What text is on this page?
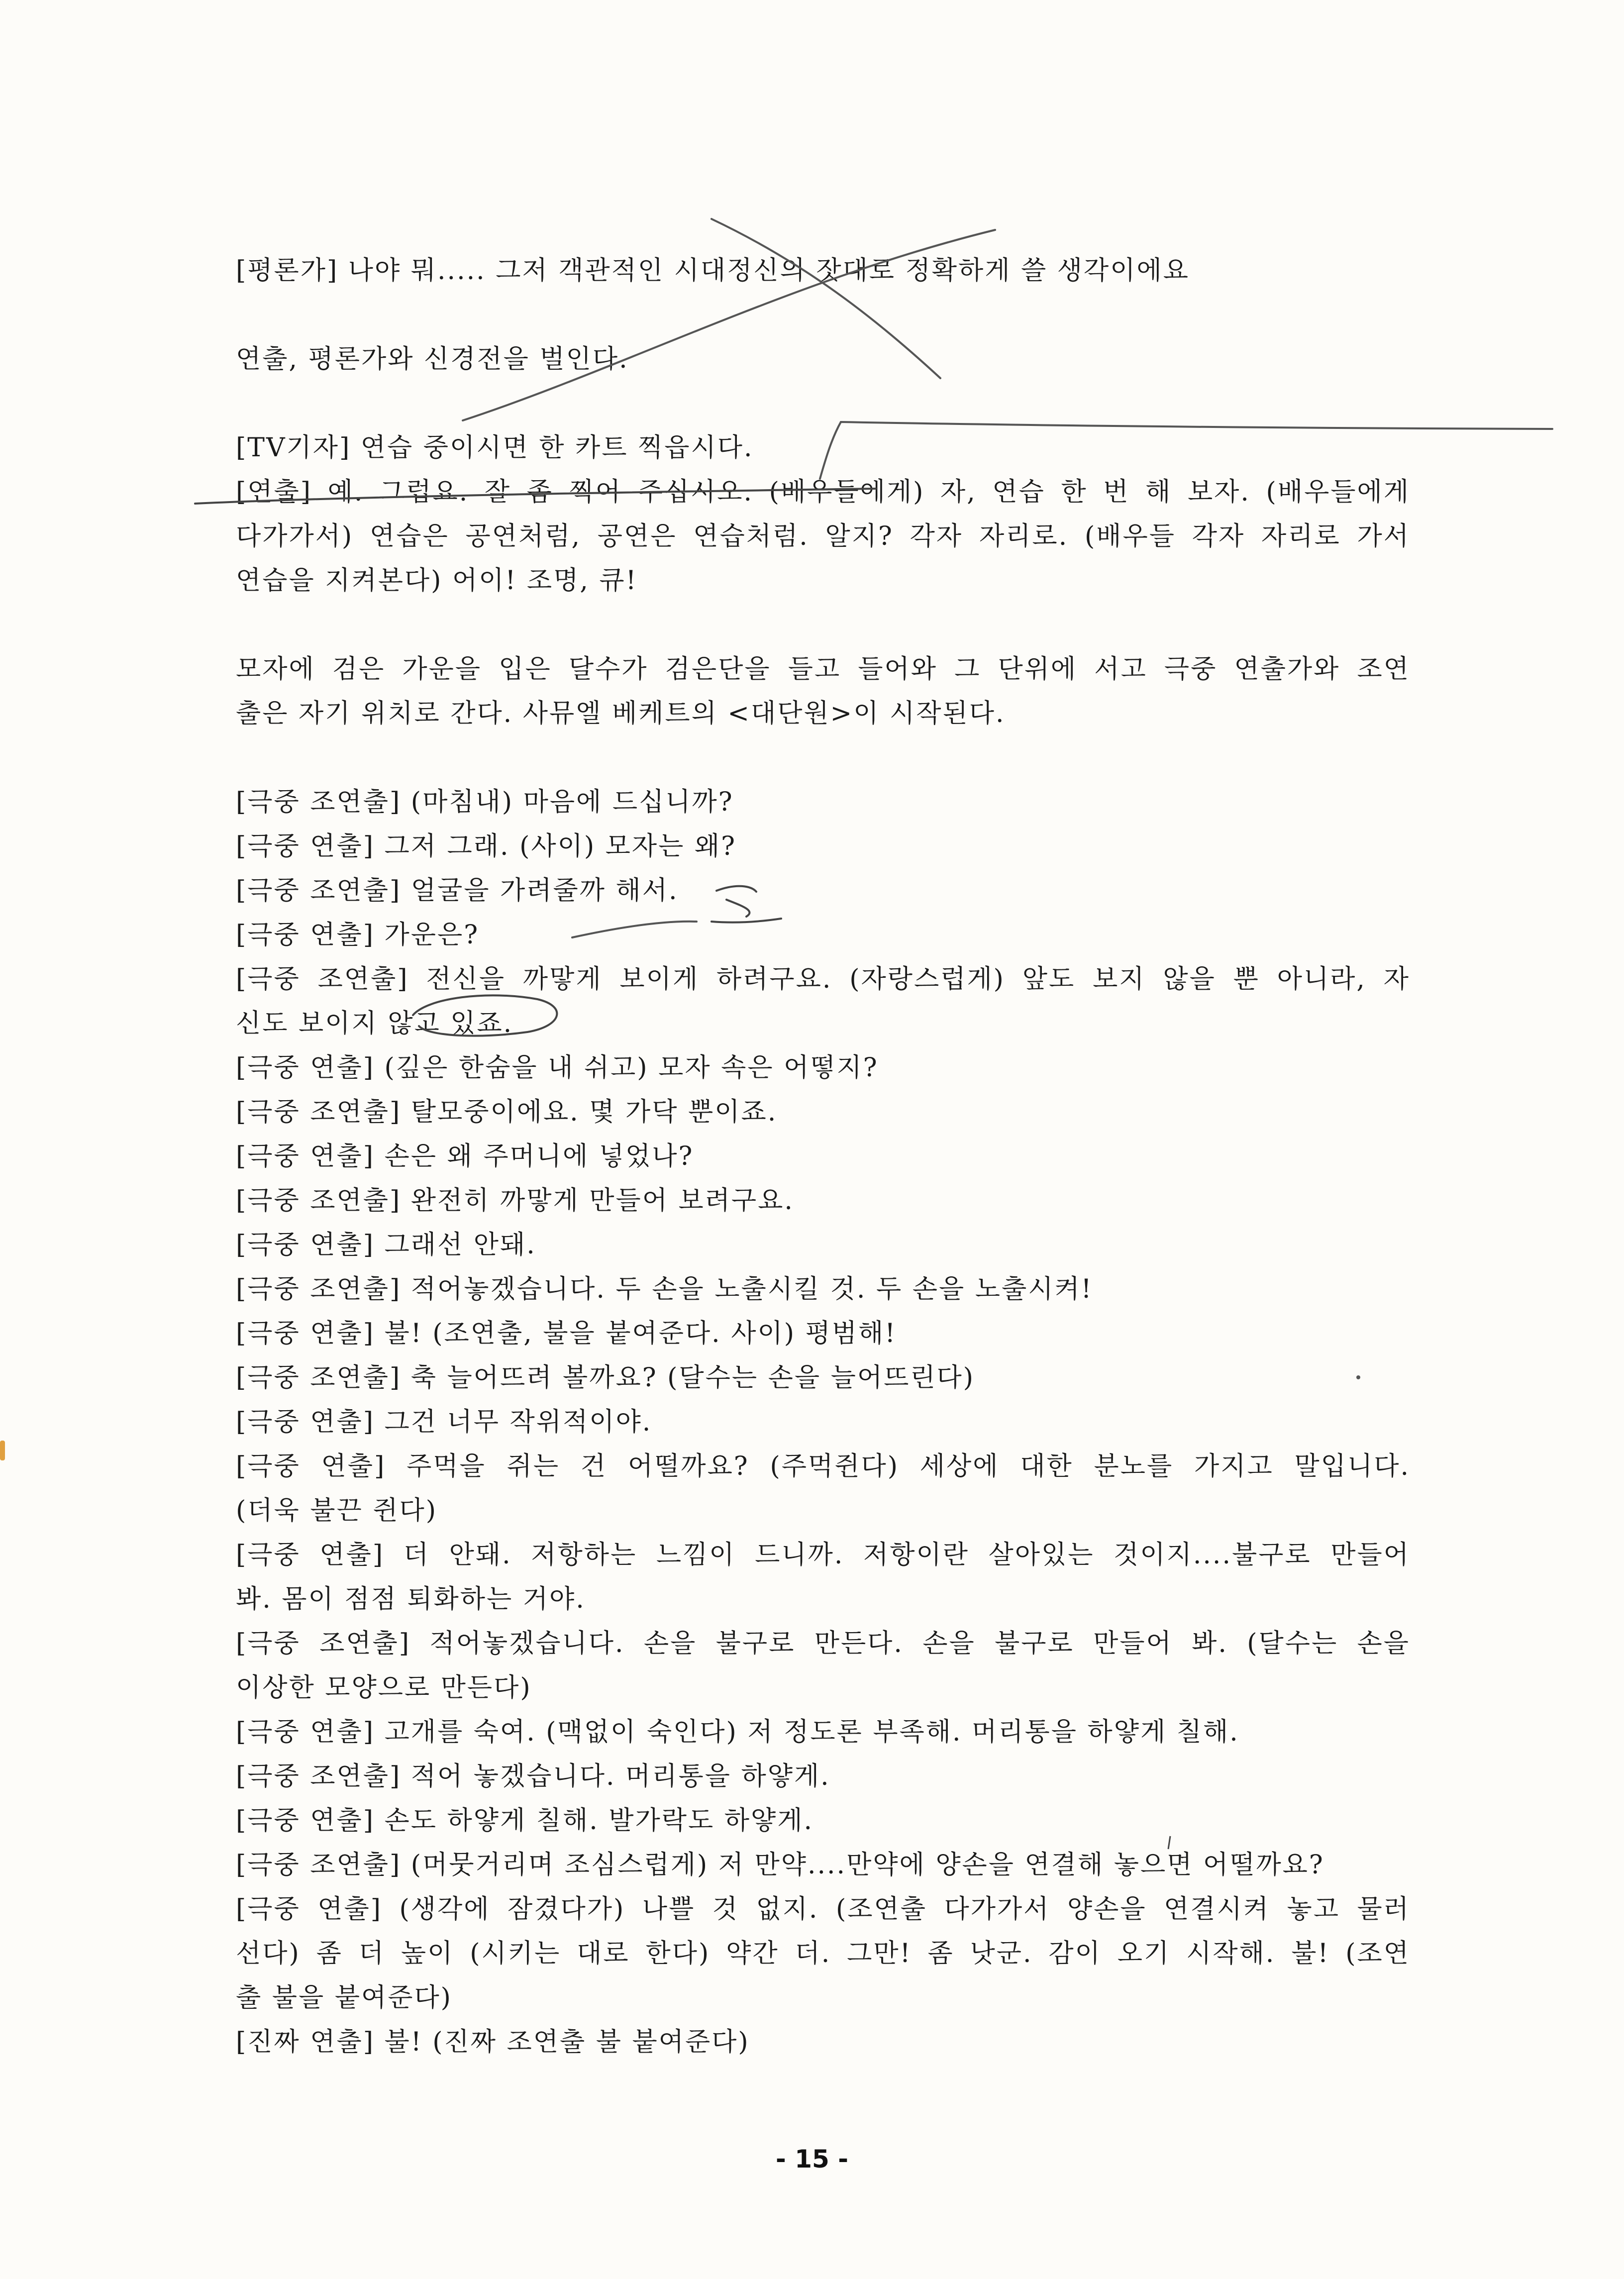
[평론가] 나야 뭐..... 그저 객관적인 시대정신의 잣대로 정확하게 쓸 생각이에요
연출, 평론가와 신경전을 벌인다.
[TV기자] 연습 중이시면 한 카트 찍읍시다.
[연출] 예. 그럽요. 잘 좀 찍어 주십시오. (배우들에게) 자, 연습 한 번 해 보자. (배우들에게
다가가서) 연습은 공연처럼, 공연은 연습처럼. 알지? 각자 자리로. (배우들 각자 자리로 가서
연습을 지켜본다) 어이! 조명, 큐!
모자에 검은 가운을 입은 달수가 검은단을 들고 들어와 그 단위에 서고 극중 연출가와 조연
출은 자기 위치로 간다. 사뮤엘 베케트의 <대단원>이 시작된다.
[극중 조연출] (마침내) 마음에 드십니까?
[극중 연출] 그저 그래. (사이) 모자는 왜?
[극중 조연출] 얼굴을 가려줄까 해서.
[극중 연출] 가운은?
[극중 조연출] 전신을 까맣게 보이게 하려구요. (자랑스럽게) 앞도 보지 않을 뿐 아니라, 자
신도 보이지 않고 있죠.
[극중 연출] (깊은 한숨을 내 쉬고) 모자 속은 어떻지?
[극중 조연출] 탈모중이에요. 몇 가닥 뿐이죠.
[극중 연출] 손은 왜 주머니에 넣었나?
[극중 조연출] 완전히 까맣게 만들어 보려구요.
[극중 연출] 그래선 안돼.
[극중 조연출] 적어놓겠습니다. 두 손을 노출시킬 것. 두 손을 노출시켜!
[극중 연출] 불! (조연출, 불을 붙여준다. 사이) 평범해!
[극중 조연출] 축 늘어뜨려 볼까요? (달수는 손을 늘어뜨린다)
[극중 연출] 그건 너무 작위적이야.
[극중 연출] 주먹을 쥐는 건 어떨까요? (주먹쥔다) 세상에 대한 분노를 가지고 말입니다.
(더욱 불끈 쥔다)
[극중 연출] 더 안돼. 저항하는 느낌이 드니까. 저항이란 살아있는 것이지....불구로 만들어
봐. 몸이 점점 퇴화하는 거야.
[극중 조연출] 적어놓겠습니다. 손을 불구로 만든다. 손을 불구로 만들어 봐. (달수는 손을
이상한 모양으로 만든다)
[극중 연출] 고개를 숙여. (맥없이 숙인다) 저 정도론 부족해. 머리통을 하얗게 칠해.
[극중 조연출] 적어 놓겠습니다. 머리통을 하얗게.
[극중 연출] 손도 하얗게 칠해. 발가락도 하얗게.
[극중 조연출] (머뭇거리며 조심스럽게) 저 만약....만약에 양손을 연결해 놓으면 어떨까요?
[극중 연출] (생각에 잠겼다가) 나쁠 것 없지. (조연출 다가가서 양손을 연결시켜 놓고 물러
선다) 좀 더 높이 (시키는 대로 한다) 약간 더. 그만! 좀 낫군. 감이 오기 시작해. 불! (조연
출 불을 붙여준다)
[진짜 연출] 불! (진짜 조연출 불 붙여준다)
- 15 -
